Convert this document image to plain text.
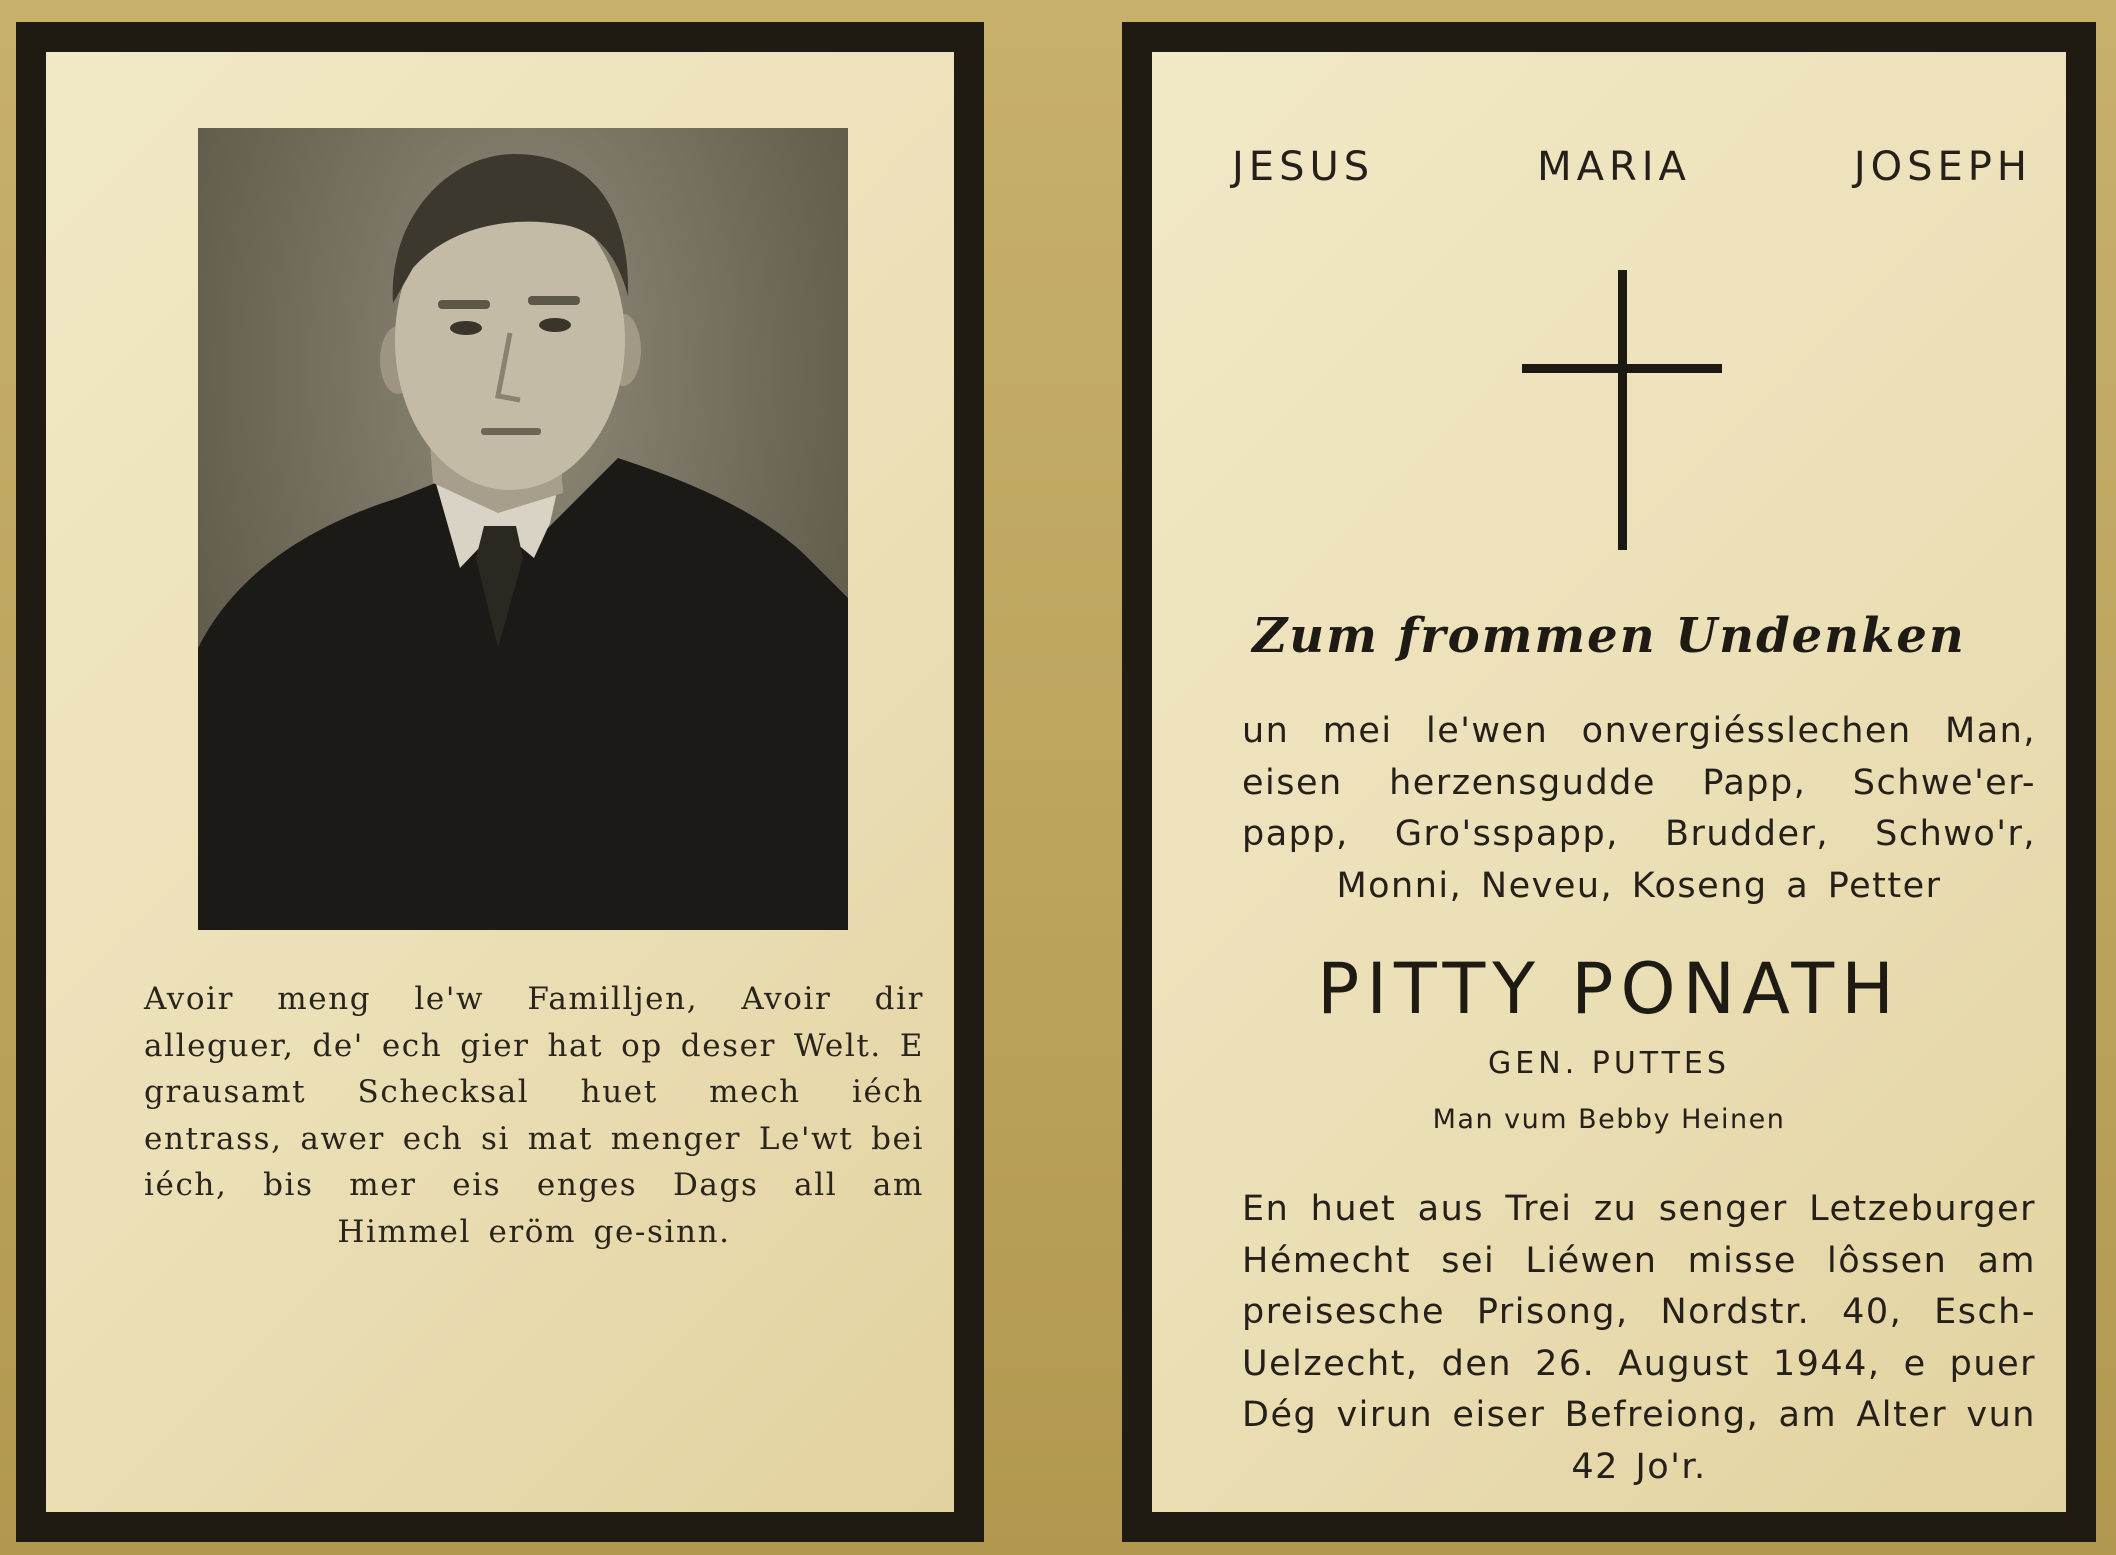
Avoir meng le'w Familljen, Avoir dir alleguer, de' ech gier hat op deser Welt. E grausamt Schecksal huet mech iéch entrass, awer ech si mat menger Le'wt bei iéch, bis mer eis enges Dags all am Himmel eröm ge-sinn.
JESUS	MARIA	JOSEPH
Zum frommen Undenken
un mei le'wen onvergiésslechen Man, eisen herzensgudde Papp, Schwe'er-papp, Gro'sspapp, Brudder, Schwo'r, Monni, Neveu, Koseng a Petter
PITTY PONATH
GEN. PUTTES
Man vum Bebby Heinen
En huet aus Trei zu senger Letzeburger Hémecht sei Liéwen misse lôssen am preisesche Prisong, Nordstr. 40, Esch-Uelzecht, den 26. August 1944, e puer Dég virun eiser Befreiong, am Alter vun 42 Jo'r.
